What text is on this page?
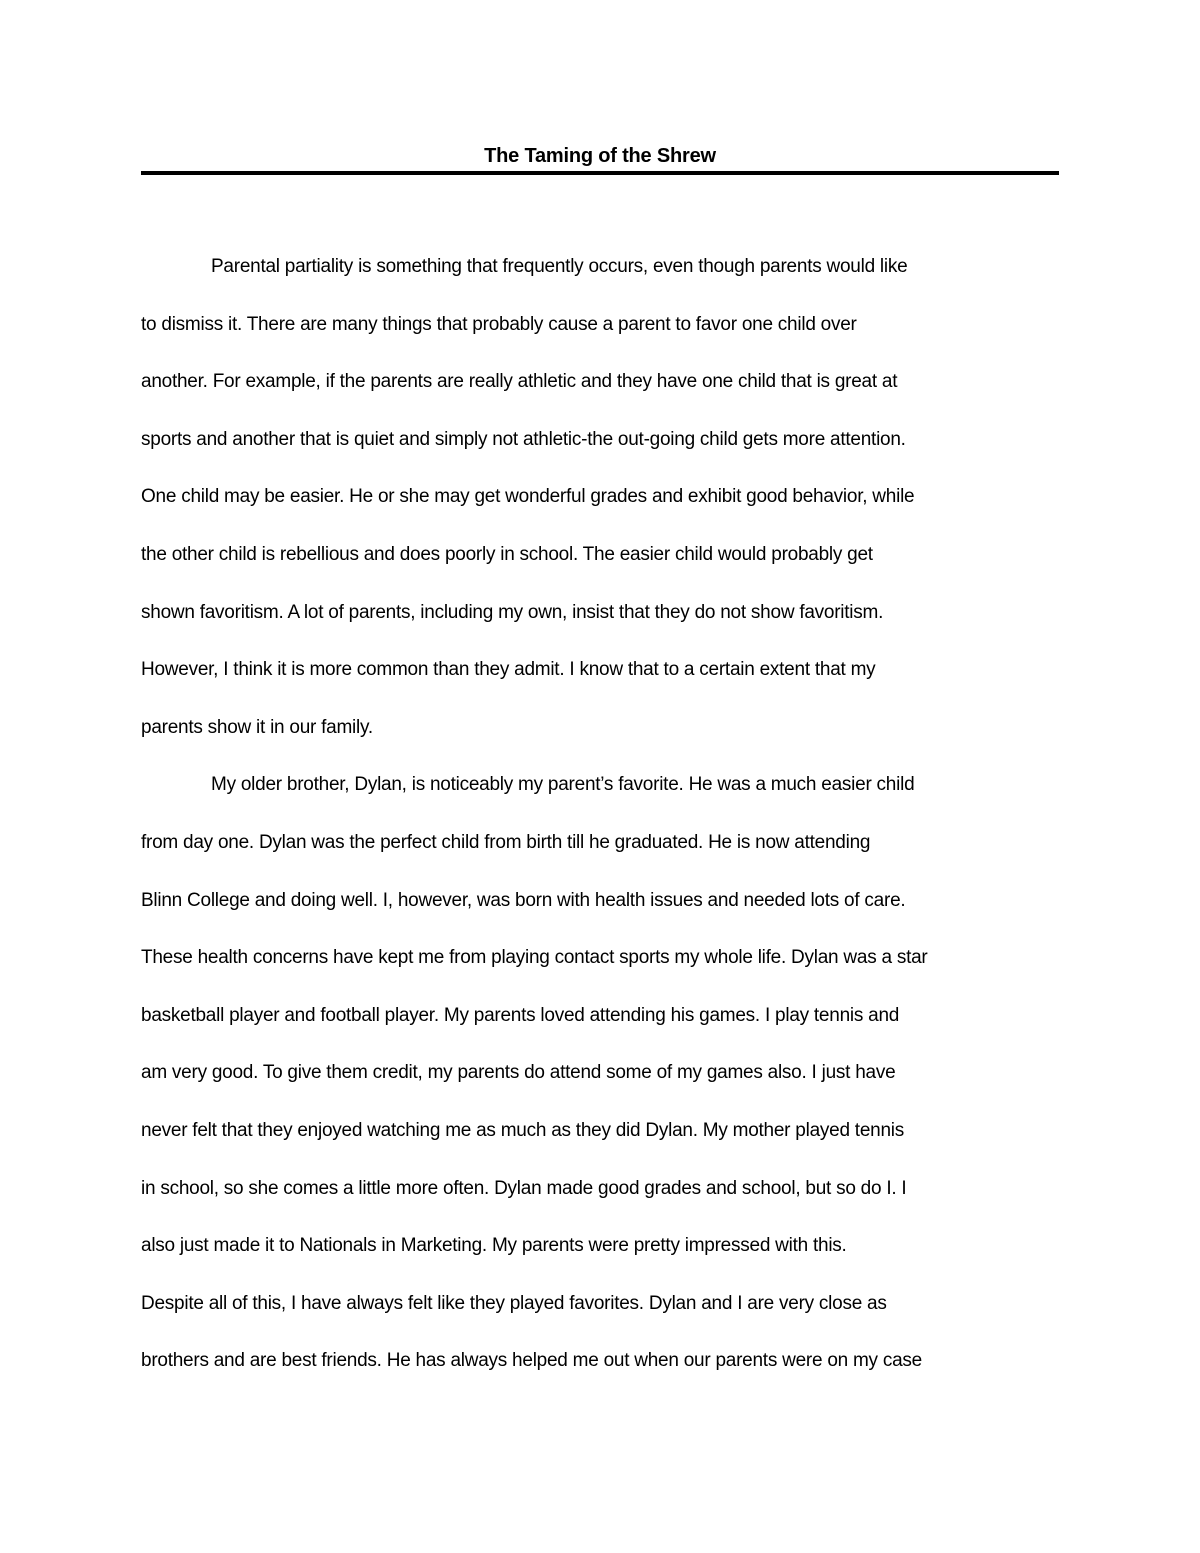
The Taming of the Shrew
Parental partiality is something that frequently occurs, even though parents would like
to dismiss it. There are many things that probably cause a parent to favor one child over
another. For example, if the parents are really athletic and they have one child that is great at
sports and another that is quiet and simply not athletic-the out-going child gets more attention.
One child may be easier. He or she may get wonderful grades and exhibit good behavior, while
the other child is rebellious and does poorly in school. The easier child would probably get
shown favoritism. A lot of parents, including my own, insist that they do not show favoritism.
However, I think it is more common than they admit. I know that to a certain extent that my
parents show it in our family.
My older brother, Dylan, is noticeably my parent’s favorite. He was a much easier child
from day one. Dylan was the perfect child from birth till he graduated. He is now attending
Blinn College and doing well. I, however, was born with health issues and needed lots of care.
These health concerns have kept me from playing contact sports my whole life. Dylan was a star
basketball player and football player. My parents loved attending his games. I play tennis and
am very good. To give them credit, my parents do attend some of my games also. I just have
never felt that they enjoyed watching me as much as they did Dylan. My mother played tennis
in school, so she comes a little more often. Dylan made good grades and school, but so do I. I
also just made it to Nationals in Marketing. My parents were pretty impressed with this.
Despite all of this, I have always felt like they played favorites. Dylan and I are very close as
brothers and are best friends. He has always helped me out when our parents were on my case
